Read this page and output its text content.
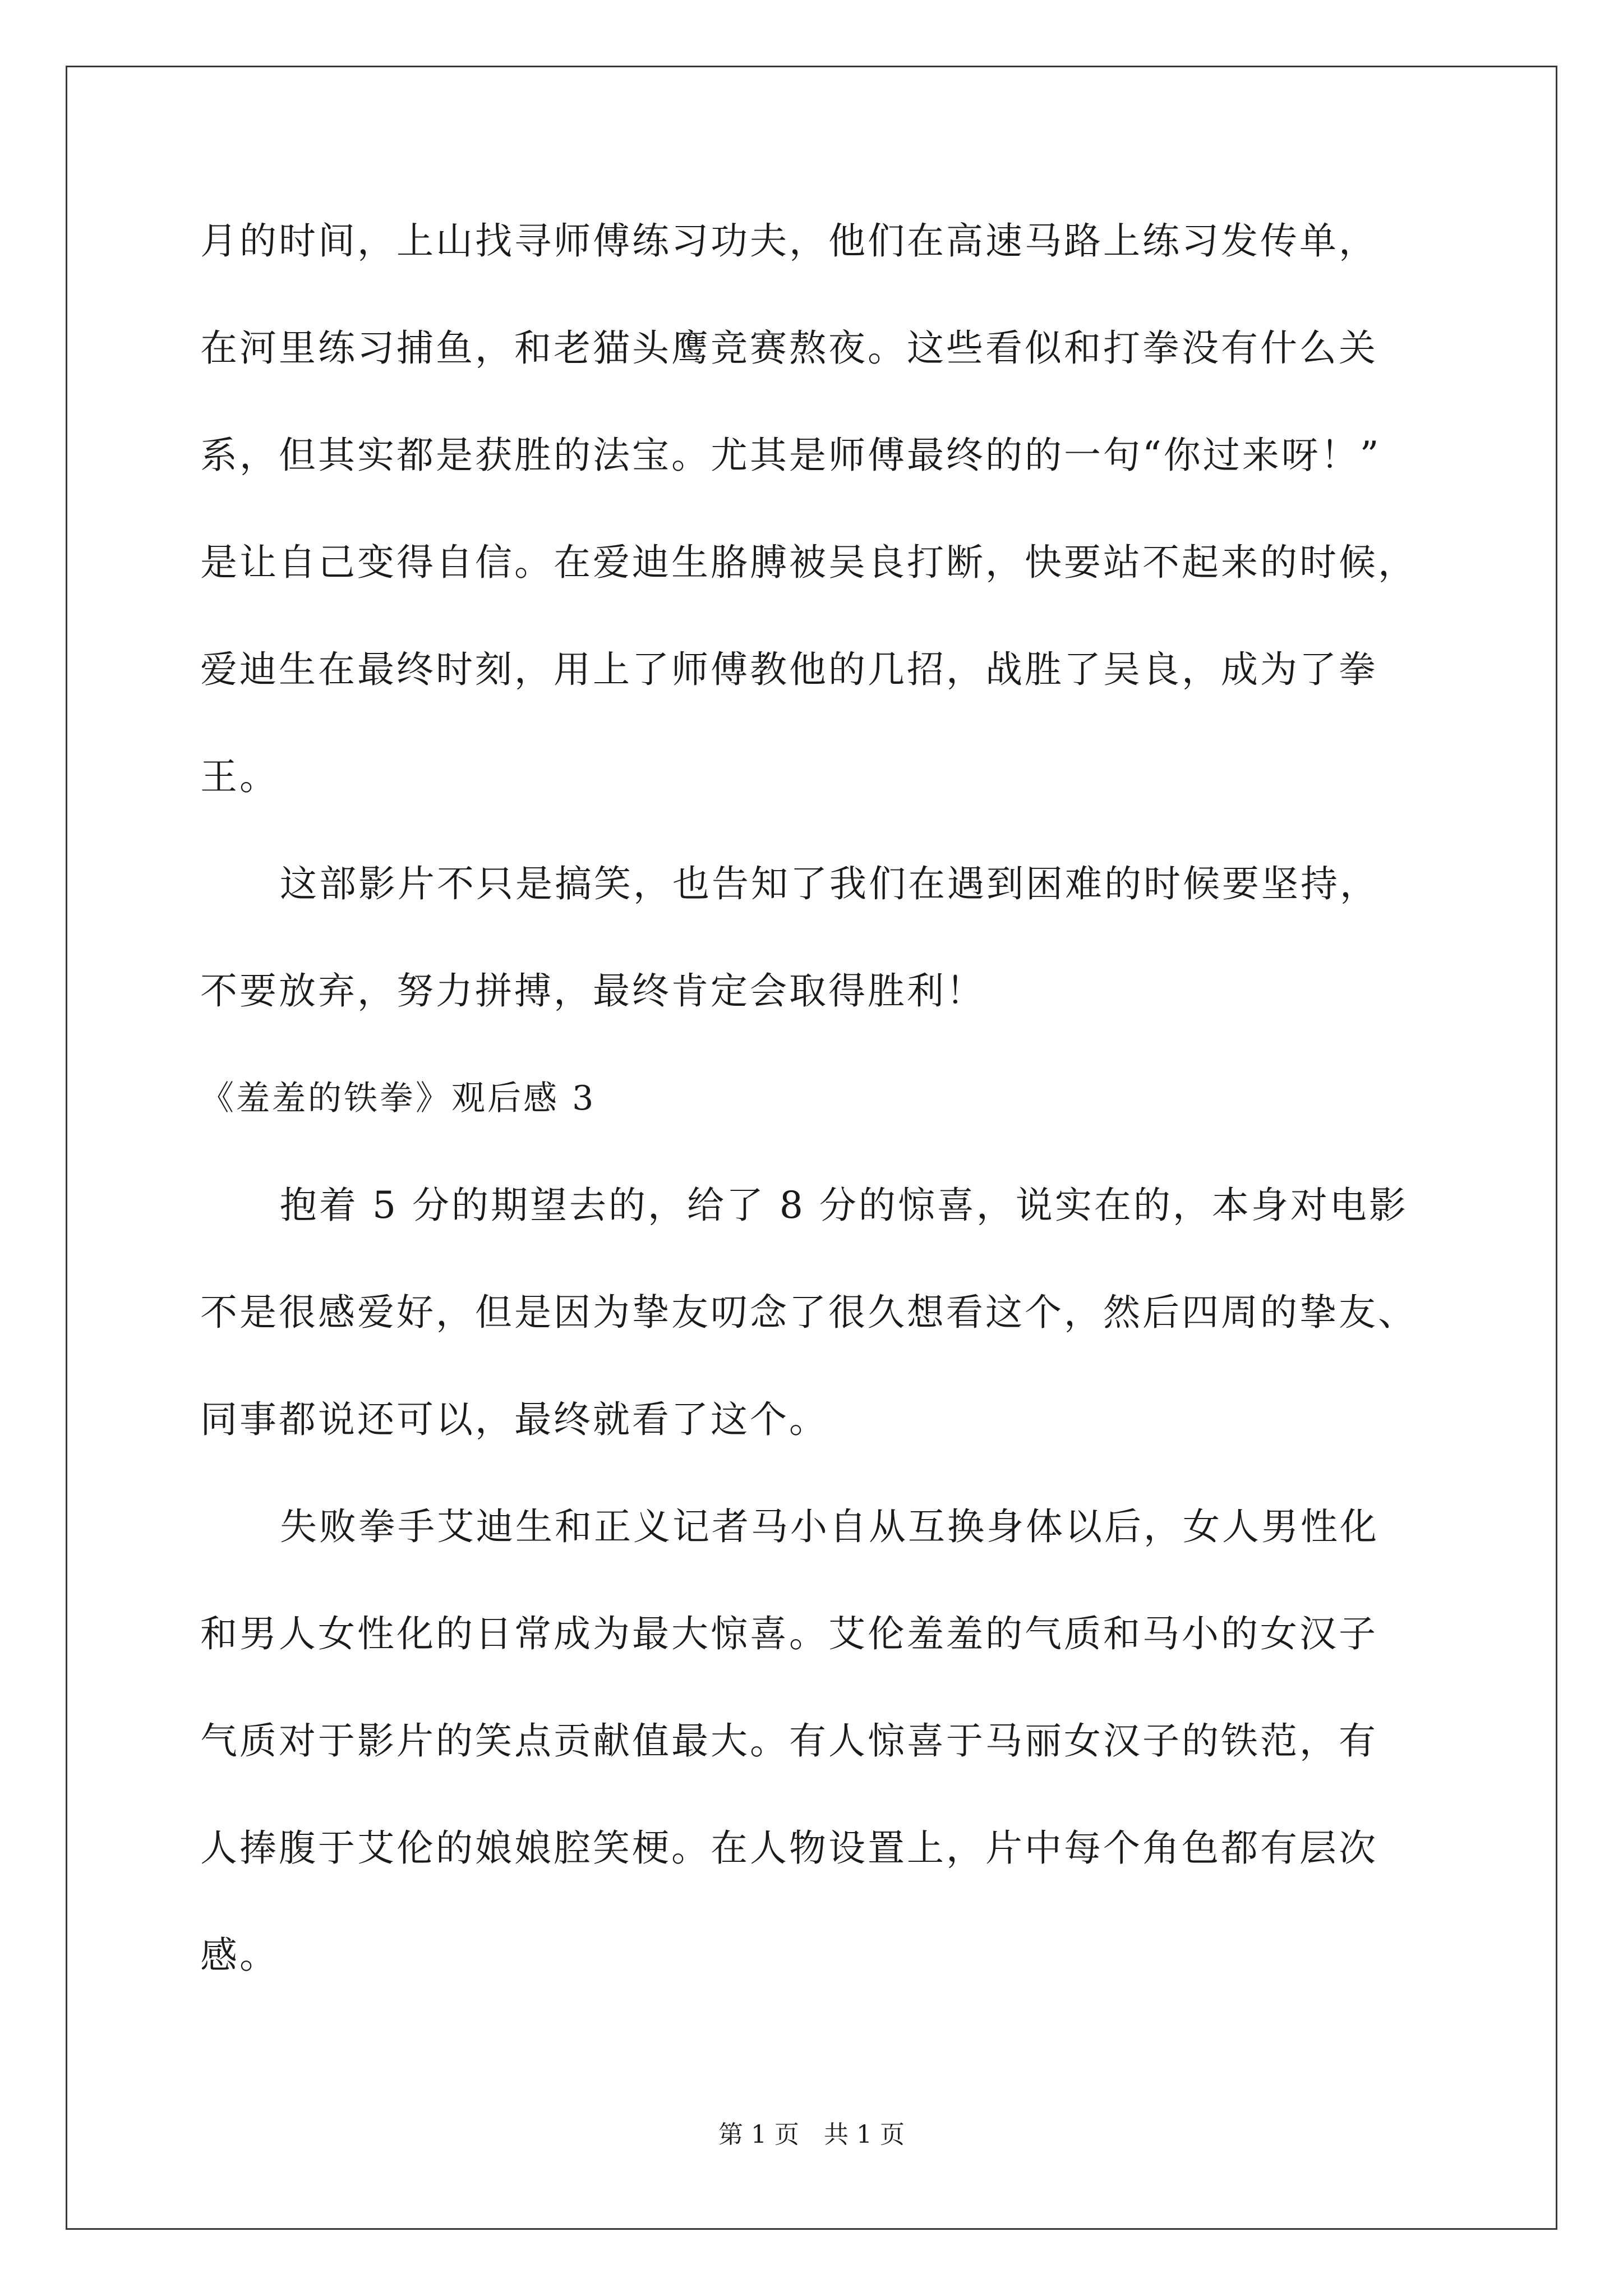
月的时间，上山找寻师傅练习功夫，他们在高速马路上练习发传单，
在河里练习捕鱼，和老猫头鹰竞赛熬夜。这些看似和打拳没有什么关
系，但其实都是获胜的法宝。尤其是师傅最终的的一句“你过来呀！”
是让自己变得自信。在爱迪生胳膊被吴良打断，快要站不起来的时候，
爱迪生在最终时刻，用上了师傅教他的几招，战胜了吴良，成为了拳
王。
这部影片不只是搞笑，也告知了我们在遇到困难的时候要坚持，
不要放弃，努力拼搏，最终肯定会取得胜利！
《羞羞的铁拳》观后感 3
抱着 5 分的期望去的，给了 8 分的惊喜，说实在的，本身对电影
不是很感爱好，但是因为挚友叨念了很久想看这个，然后四周的挚友、
同事都说还可以，最终就看了这个。
失败拳手艾迪生和正义记者马小自从互换身体以后，女人男性化
和男人女性化的日常成为最大惊喜。艾伦羞羞的气质和马小的女汉子
气质对于影片的笑点贡献值最大。有人惊喜于马丽女汉子的铁范，有
人捧腹于艾伦的娘娘腔笑梗。在人物设置上，片中每个角色都有层次
感。
第 1 页　共 1 页
